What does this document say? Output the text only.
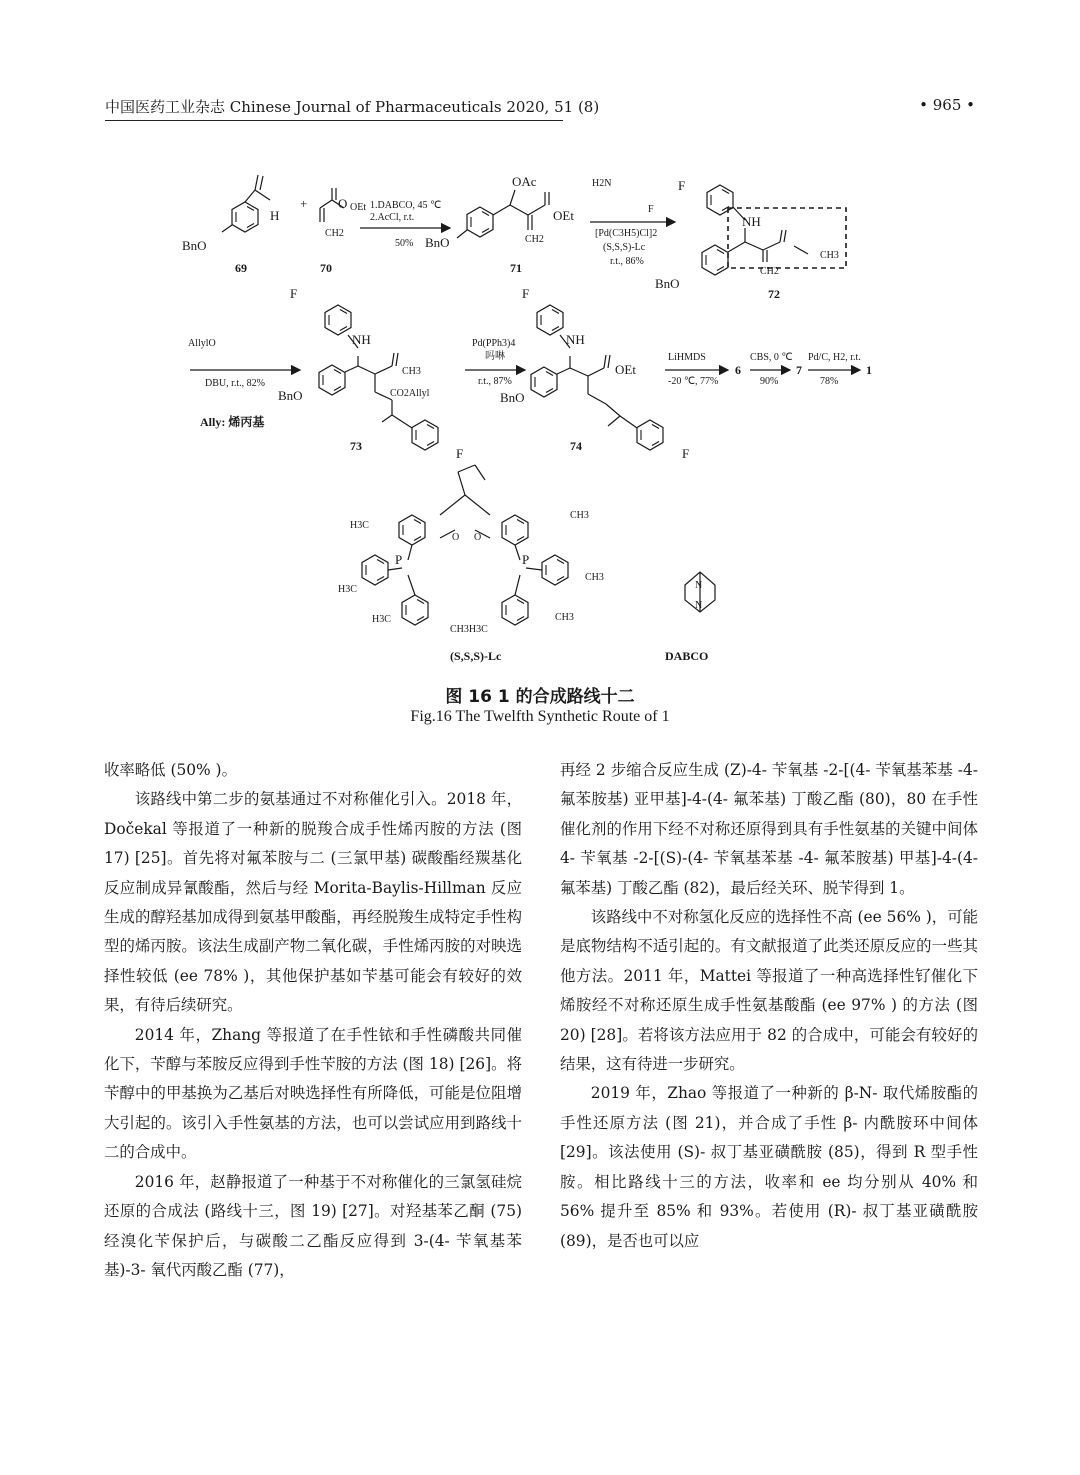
中国医药工业杂志 Chinese Journal of Pharmaceuticals 2020, 51 (8)	• 965 •
BnO
H
+ O OEt
CH2
BnO
OAc
OEt
CH2
F
NH
CH2
CH3
BnO
H2N
F
AllylO
F
NH
CH3
CO2Allyl
BnO
F
F
NH
OEt
BnO
F
H3C
H3C
H3C
CH3H3C
CH3
CH3
CH3
P	P
O O
N
N
69	70	71
72
73	74
(S,S,S)-Lc	DABCO
1.DABCO, 45 ℃
2.AcCl, r.t.
50%
[Pd(C3H5)Cl]2
(S,S,S)-Lc
r.t., 86%
DBU, r.t., 82%
Pd(PPh3)4
吗啉
r.t., 87%
LiHMDS
-20 ℃, 77%
6
CBS, 0 ℃
90%
7
Pd/C, H2, r.t.
78%
1
Ally: 烯丙基
图 16 1 的合成路线十二
Fig.16 The Twelfth Synthetic Route of 1

收率略低 (50% )。

该路线中第二步的氨基通过不对称催化引入。2018 年，Dočekal 等报道了一种新的脱羧合成手性烯丙胺的方法 (图17) [25]。首先将对氟苯胺与二 (三氯甲基) 碳酸酯经羰基化反应制成异氰酸酯，然后与经 Morita-Baylis-Hillman 反应生成的醇羟基加成得到氨基甲酸酯，再经脱羧生成特定手性构型的烯丙胺。该法生成副产物二氧化碳，手性烯丙胺的对映选择性较低 (ee 78% )，其他保护基如苄基可能会有较好的效果，有待后续研究。

2014 年，Zhang 等报道了在手性铱和手性磷酸共同催化下，苄醇与苯胺反应得到手性苄胺的方法 (图 18) [26]。将苄醇中的甲基换为乙基后对映选择性有所降低，可能是位阻增大引起的。该引入手性氨基的方法，也可以尝试应用到路线十二的合成中。

2016 年，赵静报道了一种基于不对称催化的三氯氢硅烷还原的合成法 (路线十三，图 19) [27]。对羟基苯乙酮 (75) 经溴化苄保护后，与碳酸二乙酯反应得到 3-(4- 苄氧基苯基)-3- 氧代丙酸乙酯 (77)，

再经 2 步缩合反应生成 (Z)-4- 苄氧基 -2-[(4- 苄氧基苯基 -4- 氟苯胺基) 亚甲基]-4-(4- 氟苯基) 丁酸乙酯 (80)，80 在手性催化剂的作用下经不对称还原得到具有手性氨基的关键中间体 4- 苄氧基 -2-[(S)-(4- 苄氧基苯基 -4- 氟苯胺基) 甲基]-4-(4- 氟苯基) 丁酸乙酯 (82)，最后经关环、脱苄得到 1。

该路线中不对称氢化反应的选择性不高 (ee 56% )，可能是底物结构不适引起的。有文献报道了此类还原反应的一些其他方法。2011 年，Mattei 等报道了一种高选择性钌催化下烯胺经不对称还原生成手性氨基酸酯 (ee 97% ) 的方法 (图 20) [28]。若将该方法应用于 82 的合成中，可能会有较好的结果，这有待进一步研究。

2019 年，Zhao 等报道了一种新的 β-N- 取代烯胺酯的手性还原方法 (图 21)，并合成了手性 β- 内酰胺环中间体 [29]。该法使用 (S)- 叔丁基亚磺酰胺 (85)，得到 R 型手性胺。相比路线十三的方法，收率和 ee 均分别从 40% 和 56% 提升至 85% 和 93%。若使用 (R)- 叔丁基亚磺酰胺 (89)，是否也可以应
